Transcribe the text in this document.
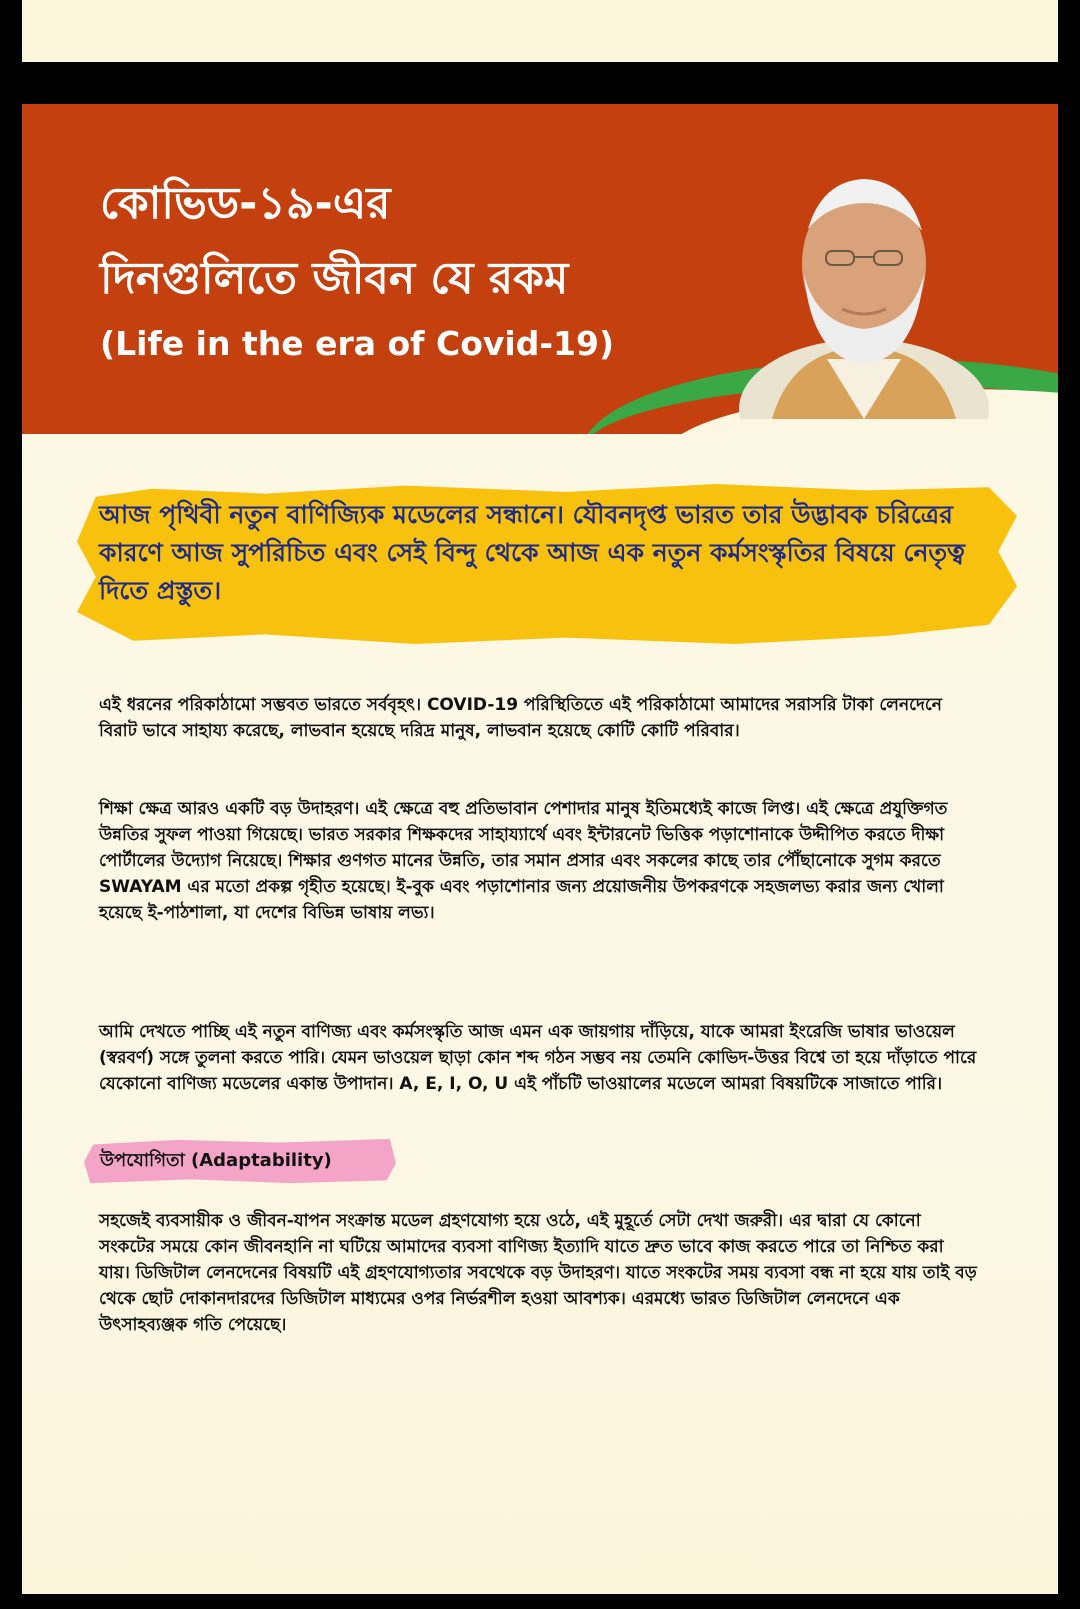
কোভিড-১৯-এর
দিনগুলিতে জীবন যে রকম
(Life in the era of Covid-19)
আজ পৃথিবী নতুন বাণিজ্যিক মডেলের সন্ধানে। যৌবনদৃপ্ত ভারত তার উদ্ভাবক চরিত্রের কারণে আজ সুপরিচিত এবং সেই বিন্দু থেকে আজ এক নতুন কর্মসংস্কৃতির বিষয়ে নেতৃত্ব দিতে প্রস্তুত।
এই ধরনের পরিকাঠামো সম্ভবত ভারতে সর্ববৃহৎ। COVID-19 পরিস্থিতিতে এই পরিকাঠামো আমাদের সরাসরি টাকা লেনদেনে বিরাট ভাবে সাহায্য করেছে, লাভবান হয়েছে দরিদ্র মানুষ, লাভবান হয়েছে কোটি কোটি পরিবার।
শিক্ষা ক্ষেত্র আরও একটি বড় উদাহরণ। এই ক্ষেত্রে বহু প্রতিভাবান পেশাদার মানুষ ইতিমধ্যেই কাজে লিপ্ত। এই ক্ষেত্রে প্রযুক্তিগত উন্নতির সুফল পাওয়া গিয়েছে। ভারত সরকার শিক্ষকদের সাহায্যার্থে এবং ইন্টারনেট ভিত্তিক পড়াশোনাকে উদ্দীপিত করতে দীক্ষা পোর্টালের উদ্যোগ নিয়েছে। শিক্ষার গুণগত মানের উন্নতি, তার সমান প্রসার এবং সকলের কাছে তার পৌঁছানোকে সুগম করতে SWAYAM এর মতো প্রকল্প গৃহীত হয়েছে। ই-বুক এবং পড়াশোনার জন্য প্রয়োজনীয় উপকরণকে সহজলভ্য করার জন্য খোলা হয়েছে ই-পাঠশালা, যা দেশের বিভিন্ন ভাষায় লভ্য।
আমি দেখতে পাচ্ছি এই নতুন বাণিজ্য এবং কর্মসংস্কৃতি আজ এমন এক জায়গায় দাঁড়িয়ে, যাকে আমরা ইংরেজি ভাষার ভাওয়েল (স্বরবর্ণ) সঙ্গে তুলনা করতে পারি। যেমন ভাওয়েল ছাড়া কোন শব্দ গঠন সম্ভব নয় তেমনি কোভিদ-উত্তর বিশ্বে তা হয়ে দাঁড়াতে পারে যেকোনো বাণিজ্য মডেলের একান্ত উপাদান। A, E, I, O, U এই পাঁচটি ভাওয়ালের মডেলে আমরা বিষয়টিকে সাজাতে পারি।
উপযোগিতা (Adaptability)
সহজেই ব্যবসায়ীক ও জীবন-যাপন সংক্রান্ত মডেল গ্রহণযোগ্য হয়ে ওঠে, এই মুহূর্তে সেটা দেখা জরুরী। এর দ্বারা যে কোনো সংকটের সময়ে কোন জীবনহানি না ঘটিয়ে আমাদের ব্যবসা বাণিজ্য ইত্যাদি যাতে দ্রুত ভাবে কাজ করতে পারে তা নিশ্চিত করা যায়। ডিজিটাল লেনদেনের বিষয়টি এই গ্রহণযোগ্যতার সবথেকে বড় উদাহরণ। যাতে সংকটের সময় ব্যবসা বন্ধ না হয়ে যায় তাই বড় থেকে ছোট দোকানদারদের ডিজিটাল মাধ্যমের ওপর নির্ভরশীল হওয়া আবশ্যক। এরমধ্যে ভারত ডিজিটাল লেনদেনে এক উৎসাহব্যঞ্জক গতি পেয়েছে।
